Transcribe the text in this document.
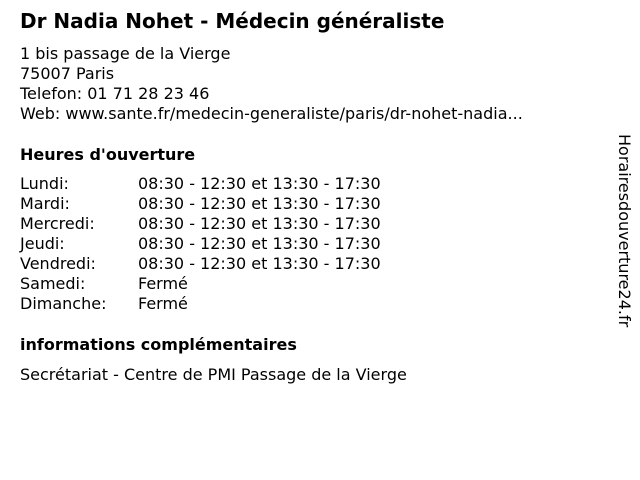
Dr Nadia Nohet - Médecin généraliste
1 bis passage de la Vierge
75007 Paris
Telefon: 01 71 28 23 46
Web: www.sante.fr/medecin-generaliste/paris/dr-nohet-nadia...
Heures d'ouverture
Lundi:	08:30 - 12:30 et 13:30 - 17:30
Mardi:	08:30 - 12:30 et 13:30 - 17:30
Mercredi:	08:30 - 12:30 et 13:30 - 17:30
Jeudi:	08:30 - 12:30 et 13:30 - 17:30
Vendredi:	08:30 - 12:30 et 13:30 - 17:30
Samedi:	Fermé
Dimanche: Fermé
informations complémentaires
Secrétariat - Centre de PMI Passage de la Vierge
Horairesdouverture24.fr
